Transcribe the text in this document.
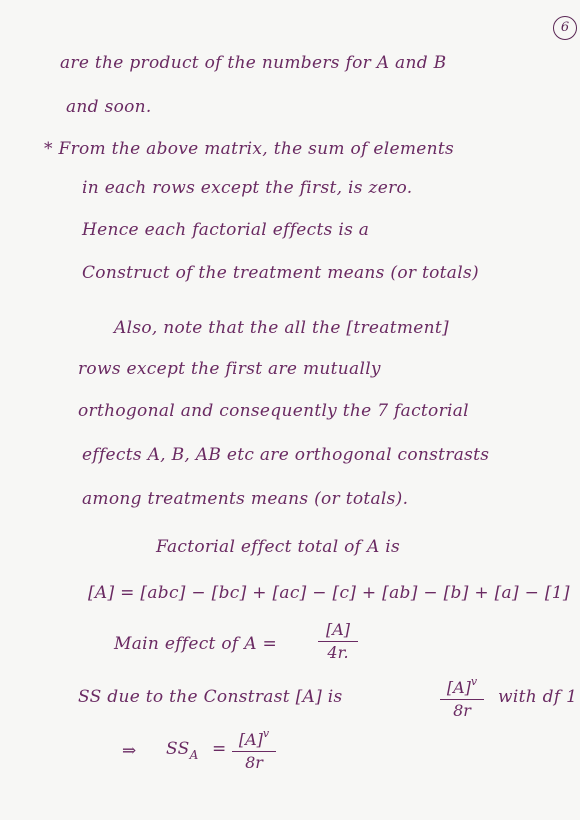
6
are the product of the numbers for A and B
and soon.
* From the above matrix, the sum of elements
in each rows except the first, is zero.
Hence each factorial effects is a
Construct of the treatment means (or totals)
Also, note that the all the [treatment]
rows except the first are mutually
orthogonal and consequently the 7 factorial
effects A, B, AB etc are orthogonal constrasts
among treatments means (or totals).
Factorial effect total of A is
[A] = [abc] − [bc] + [ac] − [c] + [ab] − [b] + [a] − [1]
Main effect of A =
[A]
4r.
SS due to the Constrast [A] is	$[A]^v$
8r
with df 1
⇒ $SS_A = [A]^v$
8r
